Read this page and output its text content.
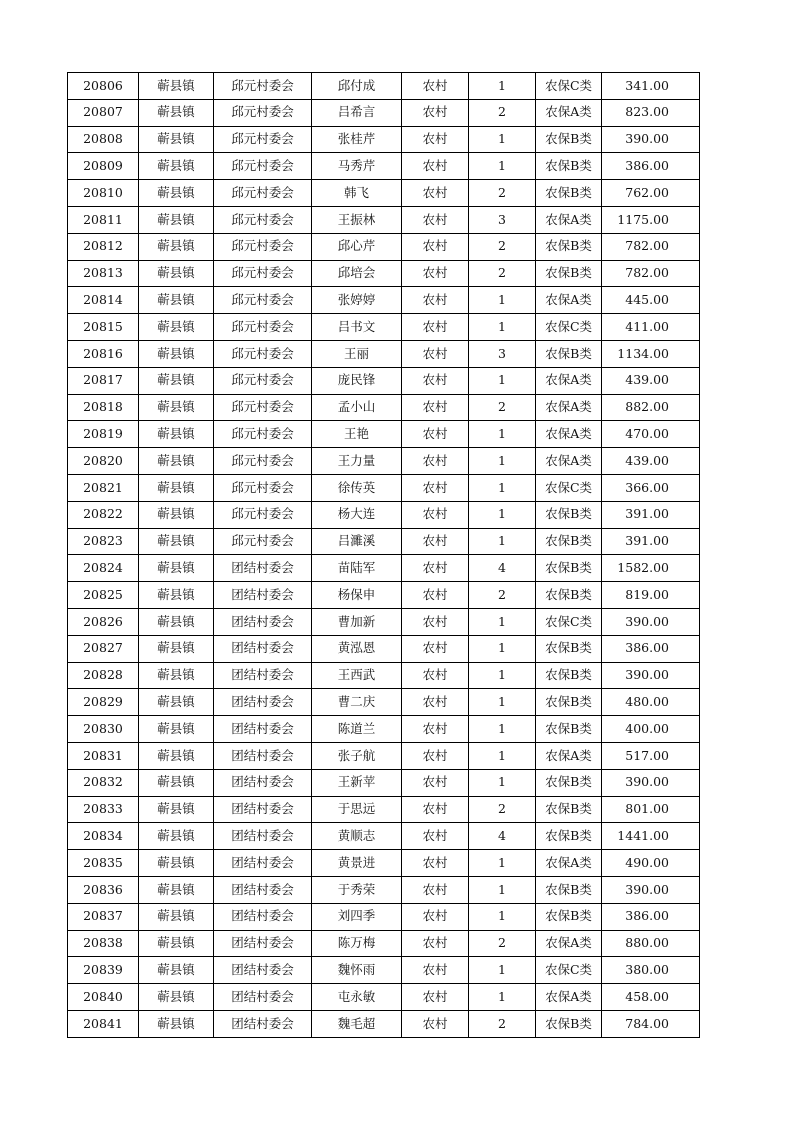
20806	蕲县镇	邱元村委会	邱付成	农村	1	农保C类	341.00
20807	蕲县镇	邱元村委会	吕希言	农村	2	农保A类	823.00
20808	蕲县镇	邱元村委会	张桂芹	农村	1	农保B类	390.00
20809	蕲县镇	邱元村委会	马秀芹	农村	1	农保B类	386.00
20810	蕲县镇	邱元村委会	韩飞	农村	2	农保B类	762.00
20811	蕲县镇	邱元村委会	王振林	农村	3	农保A类	1175.00
20812	蕲县镇	邱元村委会	邱心芹	农村	2	农保B类	782.00
20813	蕲县镇	邱元村委会	邱培会	农村	2	农保B类	782.00
20814	蕲县镇	邱元村委会	张婷婷	农村	1	农保A类	445.00
20815	蕲县镇	邱元村委会	吕书文	农村	1	农保C类	411.00
20816	蕲县镇	邱元村委会	王丽	农村	3	农保B类	1134.00
20817	蕲县镇	邱元村委会	庞民锋	农村	1	农保A类	439.00
20818	蕲县镇	邱元村委会	孟小山	农村	2	农保A类	882.00
20819	蕲县镇	邱元村委会	王艳	农村	1	农保A类	470.00
20820	蕲县镇	邱元村委会	王力量	农村	1	农保A类	439.00
20821	蕲县镇	邱元村委会	徐传英	农村	1	农保C类	366.00
20822	蕲县镇	邱元村委会	杨大连	农村	1	农保B类	391.00
20823	蕲县镇	邱元村委会	吕濉溪	农村	1	农保B类	391.00
20824	蕲县镇	团结村委会	苗陆军	农村	4	农保B类	1582.00
20825	蕲县镇	团结村委会	杨保申	农村	2	农保B类	819.00
20826	蕲县镇	团结村委会	曹加新	农村	1	农保C类	390.00
20827	蕲县镇	团结村委会	黄泓恩	农村	1	农保B类	386.00
20828	蕲县镇	团结村委会	王西武	农村	1	农保B类	390.00
20829	蕲县镇	团结村委会	曹二庆	农村	1	农保B类	480.00
20830	蕲县镇	团结村委会	陈道兰	农村	1	农保B类	400.00
20831	蕲县镇	团结村委会	张子航	农村	1	农保A类	517.00
20832	蕲县镇	团结村委会	王新苹	农村	1	农保B类	390.00
20833	蕲县镇	团结村委会	于思远	农村	2	农保B类	801.00
20834	蕲县镇	团结村委会	黄顺志	农村	4	农保B类	1441.00
20835	蕲县镇	团结村委会	黄景进	农村	1	农保A类	490.00
20836	蕲县镇	团结村委会	于秀荣	农村	1	农保B类	390.00
20837	蕲县镇	团结村委会	刘四季	农村	1	农保B类	386.00
20838	蕲县镇	团结村委会	陈万梅	农村	2	农保A类	880.00
20839	蕲县镇	团结村委会	魏怀雨	农村	1	农保C类	380.00
20840	蕲县镇	团结村委会	屯永敏	农村	1	农保A类	458.00
20841	蕲县镇	团结村委会	魏毛超	农村	2	农保B类	784.00
